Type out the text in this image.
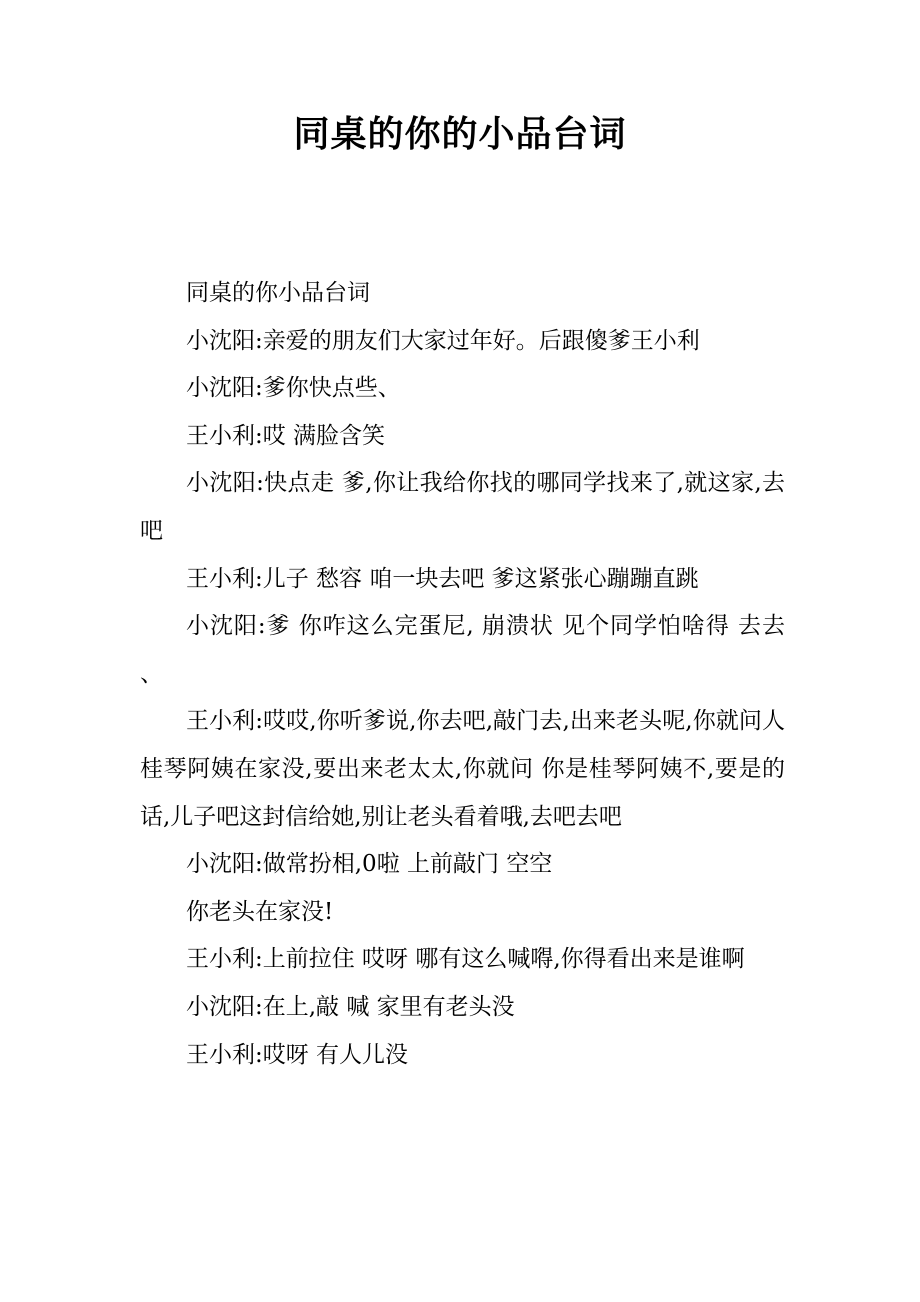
同桌的你的小品台词

同桌的你小品台词

小沈阳:亲爱的朋友们大家过年好。后跟傻爹王小利

小沈阳:爹你快点些、

王小利:哎 满脸含笑

小沈阳:快点走 爹,你让我给你找的哪同学找来了,就这家,去吧

王小利:儿子 愁容 咱一块去吧 爹这紧张心蹦蹦直跳

小沈阳:爹 你咋这么完蛋尼, 崩溃状 见个同学怕啥得 去去 、

王小利:哎哎,你听爹说,你去吧,敲门去,出来老头呢,你就问人桂琴阿姨在家没,要出来老太太,你就问 你是桂琴阿姨不,要是的话,儿子吧这封信给她,别让老头看着哦,去吧去吧

小沈阳:做常扮相,0啦 上前敲门 空空

你老头在家没!

王小利:上前拉住 哎呀 哪有这么喊嘚,你得看出来是谁啊

小沈阳:在上,敲 喊 家里有老头没

王小利:哎呀 有人儿没
